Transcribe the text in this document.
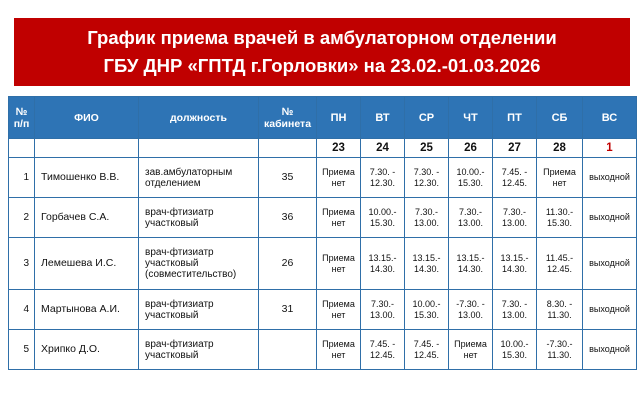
График приема врачей в амбулаторном отделении
ГБУ ДНР «ГПТД г.Горловки» на 23.02.-01.03.2026
№
п/п	ФИО	должность	№
кабинета	ПН	ВТ	СР	ЧТ	ПТ	СБ	ВС
				23	24	25	26	27	28	1
1	Тимошенко В.В.	зав.амбулаторным отделением	35	Приема нет	7.30. - 12.30.	7.30. - 12.30.	10.00.- 15.30.	7.45. - 12.45.	Приема нет	выходной
2	Горбачев С.А.	врач-фтизиатр участковый	36	Приема нет	10.00.- 15.30.	7.30.- 13.00.	7.30.- 13.00.	7.30.- 13.00.	11.30.- 15.30.	выходной
3	Лемешева И.С.	врач-фтизиатр участковый (совместительство)	26	Приема нет	13.15.- 14.30.	13.15.- 14.30.	13.15.- 14.30.	13.15.- 14.30.	11.45.- 12.45.	выходной
4	Мартынова А.И.	врач-фтизиатр участковый	31	Приема нет	7.30.- 13.00.	10.00.- 15.30.	-7.30. - 13.00.	7.30. - 13.00.	8.30. - 11.30.	выходной
5	Хрипко Д.О.	врач-фтизиатр участковый		Приема нет	7.45. - 12.45.	7.45. - 12.45.	Приема нет	10.00.- 15.30.	-7.30.- 11.30.	выходной
